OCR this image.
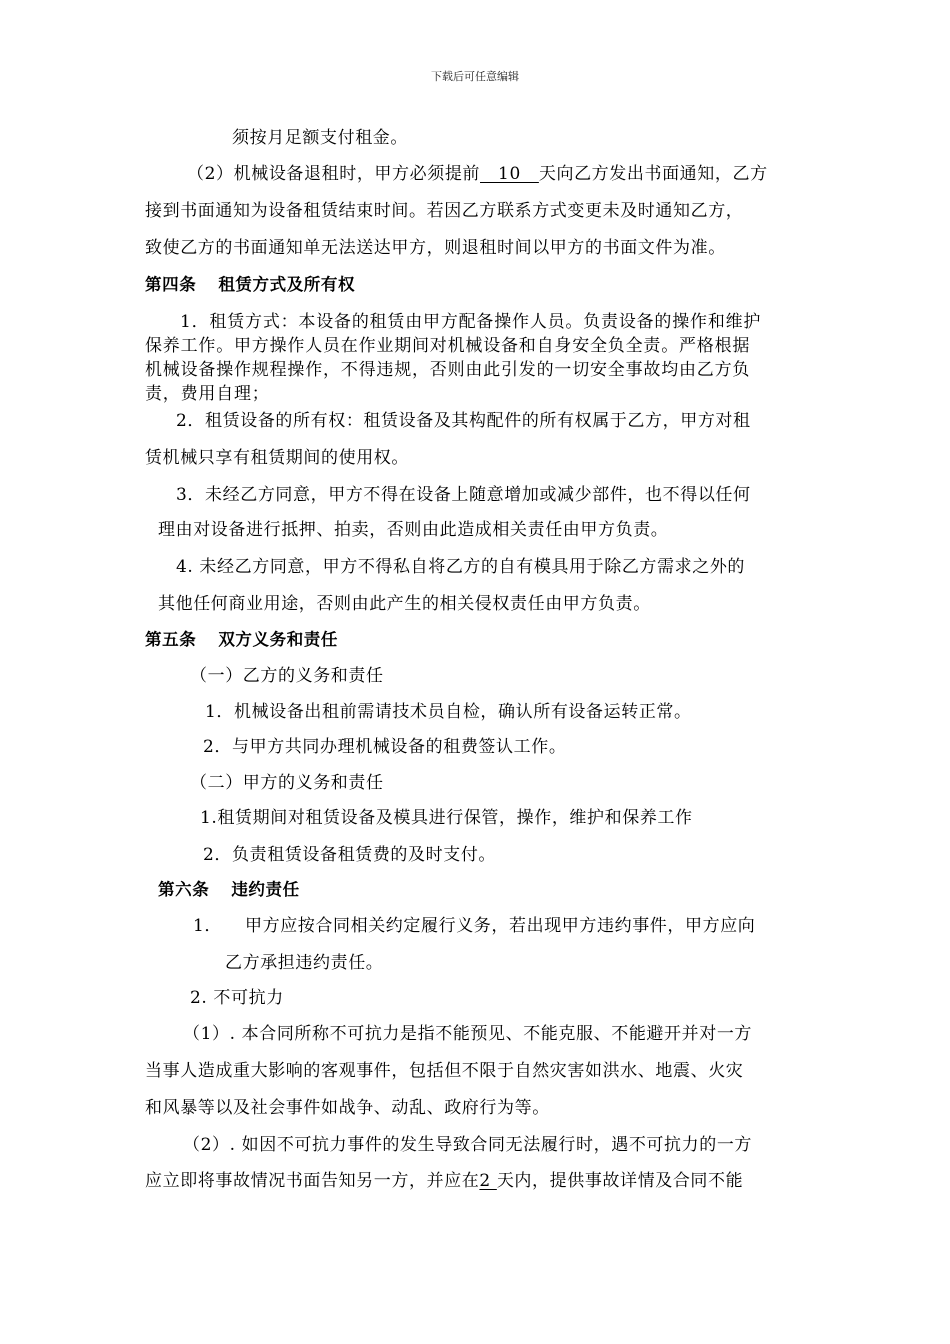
下载后可任意编辑
须按月足额支付租金。
（2）机械设备退租时，甲方必须提前   10   天向乙方发出书面通知，乙方
接到书面通知为设备租赁结束时间。若因乙方联系方式变更未及时通知乙方，
致使乙方的书面通知单无法送达甲方，则退租时间以甲方的书面文件为准。
第四条 租赁方式及所有权
1．租赁方式：本设备的租赁由甲方配备操作人员。负责设备的操作和维护
保养工作。甲方操作人员在作业期间对机械设备和自身安全负全责。严格根据
机械设备操作规程操作，不得违规，否则由此引发的一切安全事故均由乙方负
责，费用自理；
2．租赁设备的所有权：租赁设备及其构配件的所有权属于乙方，甲方对租
赁机械只享有租赁期间的使用权。
3．未经乙方同意，甲方不得在设备上随意增加或减少部件，也不得以任何
理由对设备进行抵押、拍卖，否则由此造成相关责任由甲方负责。
4. 未经乙方同意，甲方不得私自将乙方的自有模具用于除乙方需求之外的
其他任何商业用途，否则由此产生的相关侵权责任由甲方负责。
第五条 双方义务和责任
（一）乙方的义务和责任
1．机械设备出租前需请技术员自检，确认所有设备运转正常。
2．与甲方共同办理机械设备的租费签认工作。
（二）甲方的义务和责任
1.租赁期间对租赁设备及模具进行保管，操作，维护和保养工作
2．负责租赁设备租赁费的及时支付。
第六条 违约责任
1． 甲方应按合同相关约定履行义务，若出现甲方违约事件，甲方应向
乙方承担违约责任。
2. 不可抗力
（1）. 本合同所称不可抗力是指不能预见、不能克服、不能避开并对一方
当事人造成重大影响的客观事件，包括但不限于自然灾害如洪水、地震、火灾
和风暴等以及社会事件如战争、动乱、政府行为等。
（2）. 如因不可抗力事件的发生导致合同无法履行时，遇不可抗力的一方
应立即将事故情况书面告知另一方，并应在2 天内，提供事故详情及合同不能
